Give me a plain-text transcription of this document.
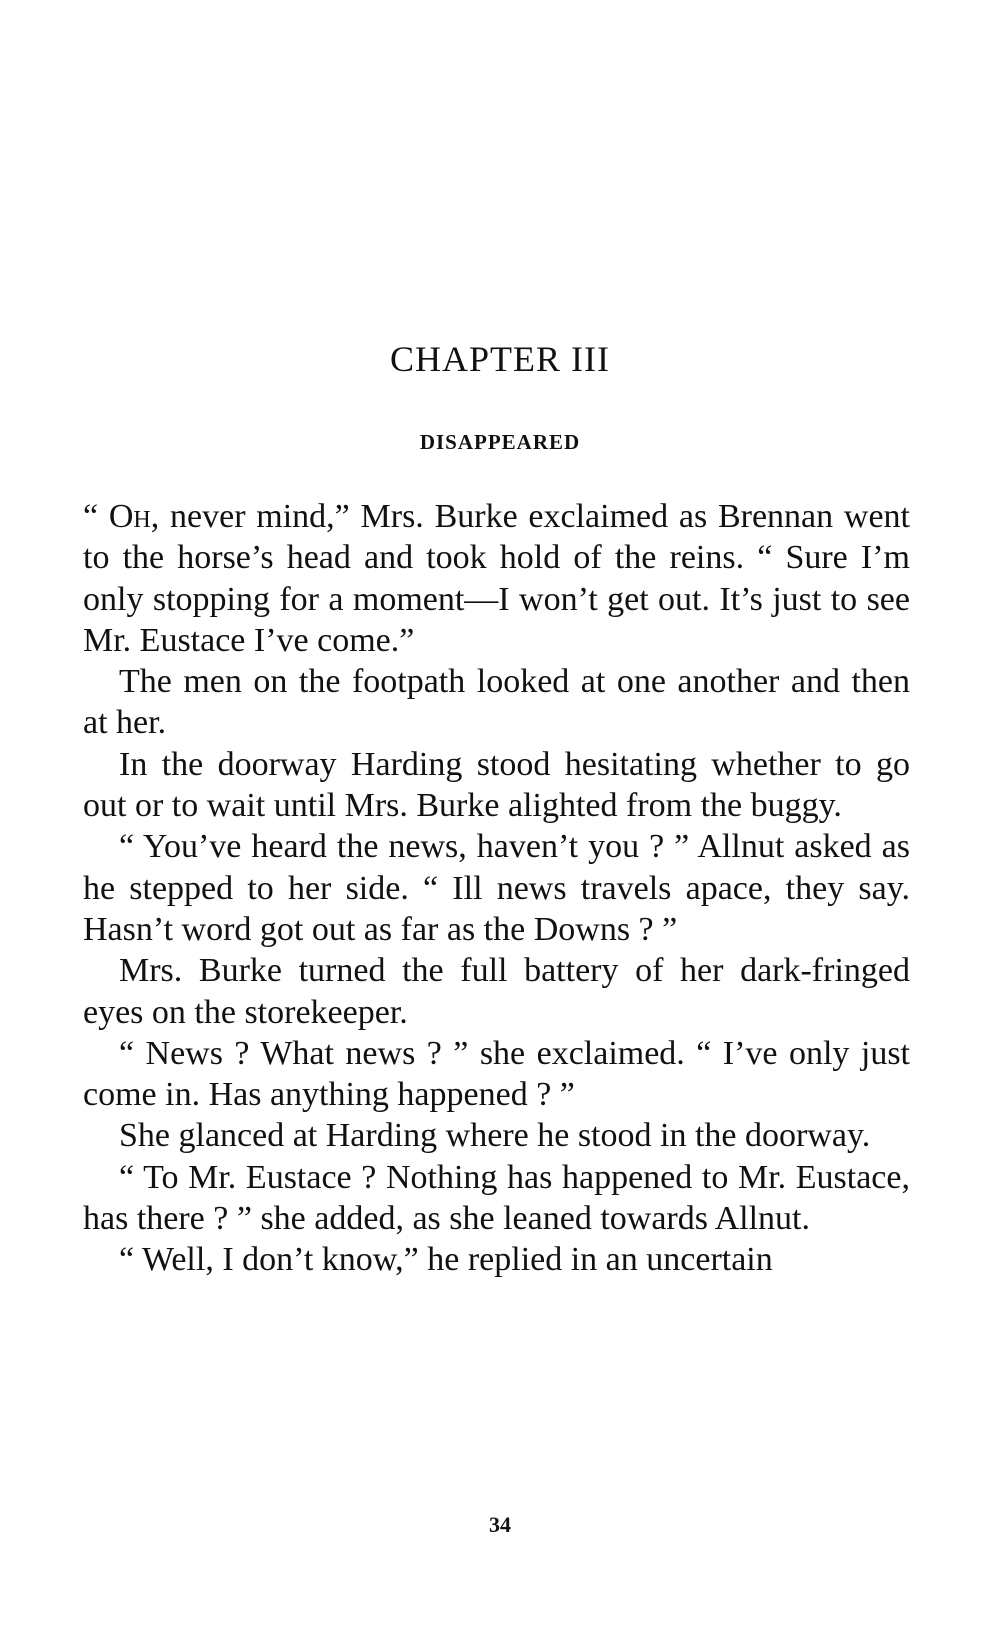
CHAPTER III
DISAPPEARED

“ Oh, never mind,” Mrs. Burke exclaimed as Brennan went to the horse’s head and took hold of the reins. “ Sure I’m only stopping for a moment—I won’t get out. It’s just to see Mr. Eustace I’ve come.”

The men on the footpath looked at one another and then at her.

In the doorway Harding stood hesitating whether to go out or to wait until Mrs. Burke alighted from the buggy.

“ You’ve heard the news, haven’t you ? ” Allnut asked as he stepped to her side. “ Ill news travels apace, they say. Hasn’t word got out as far as the Downs ? ”

Mrs. Burke turned the full battery of her dark-fringed eyes on the storekeeper.

“ News ? What news ? ” she exclaimed. “ I’ve only just come in. Has anything happened ? ”

She glanced at Harding where he stood in the doorway.

“ To Mr. Eustace ? Nothing has happened to Mr. Eustace, has there ? ” she added, as she leaned towards Allnut.

“ Well, I don’t know,” he replied in an uncertain

34
